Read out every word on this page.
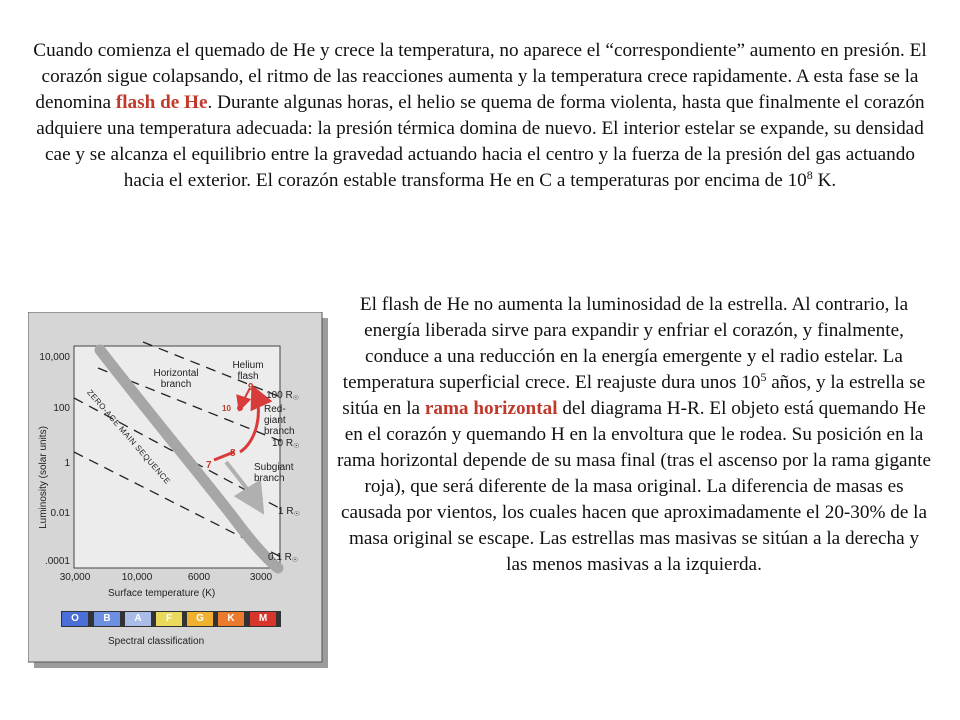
Cuando comienza el quemado de He y crece la temperatura, no aparece el “correspondiente” aumento en presión. El corazón sigue colapsando, el ritmo de las reacciones aumenta y la temperatura crece rapidamente. A esta fase se la denomina flash de He. Durante algunas horas, el helio se quema de forma violenta, hasta que finalmente el corazón adquiere una temperatura adecuada: la presión térmica domina de nuevo. El interior estelar se expande, su densidad cae y se alcanza el equilibrio entre la gravedad actuando hacia el centro y la fuerza de la presión del gas actuando hacia el exterior. El corazón estable transforma He en C a temperaturas por encima de $10^8$ K.

El flash de He no aumenta la luminosidad de la estrella. Al contrario, la energía liberada sirve para expandir y enfriar el corazón, y finalmente, conduce a una reducción en la energía emergente y el radio estelar. La temperatura superficial crece. El reajuste dura unos $10^5$ años, y la estrella se sitúa en la rama horizontal del diagrama H-R. El objeto está quemando He en el corazón y quemando H en la envoltura que le rodea. Su posición en la rama horizontal depende de su masa final (tras el ascenso por la rama gigante roja), que será diferente de la masa original. La diferencia de masas es causada por vientos, los cuales hacen que aproximadamente el 20-30% de la masa original se escape. Las estrellas mas masivas se sitúan a la derecha y las menos masivas a la izquierda.

Luminosity (solar units)
10,000
100
1
0.01
.0001
30,000	10,000	6000	3000
Surface temperature (K)
ZERO-AGE MAIN SEQUENCE
Horizontal branch
Helium flash
Red-giant branch
Subgiant branch
7
8
9
10
100 $R_☉$
10 $R_☉$
1 $R_☉$
0.1 $R_☉$
O	B	A	F	G	K	M
Spectral classification
